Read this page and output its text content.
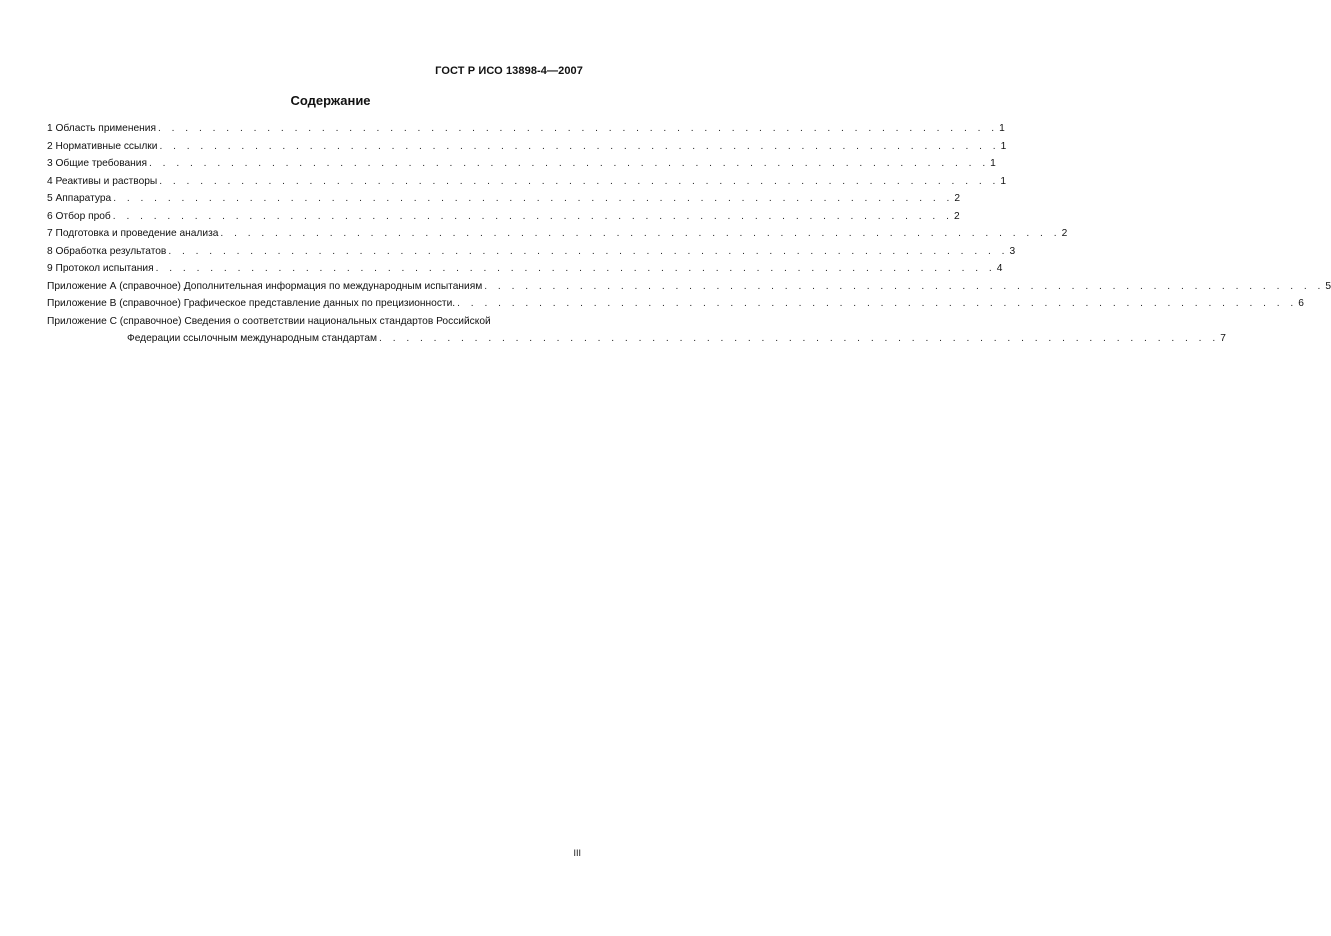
ГОСТ Р ИСО 13898-4—2007
Содержание
1 Область применения . . . . . . . . . . . . . . . . . . . . . . . . . . . . . . . . . . . . . . . . . . . . . . . . . . . . . . . . . . . . . . 1
2 Нормативные ссылки . . . . . . . . . . . . . . . . . . . . . . . . . . . . . . . . . . . . . . . . . . . . . . . . . . . . . . . . . . . . . . 1
3 Общие требования . . . . . . . . . . . . . . . . . . . . . . . . . . . . . . . . . . . . . . . . . . . . . . . . . . . . . . . . . . . . . . 1
4 Реактивы и растворы . . . . . . . . . . . . . . . . . . . . . . . . . . . . . . . . . . . . . . . . . . . . . . . . . . . . . . . . . . . . . . 1
5 Аппаратура . . . . . . . . . . . . . . . . . . . . . . . . . . . . . . . . . . . . . . . . . . . . . . . . . . . . . . . . . . . . . . 2
6 Отбор проб . . . . . . . . . . . . . . . . . . . . . . . . . . . . . . . . . . . . . . . . . . . . . . . . . . . . . . . . . . . . . . 2
7 Подготовка и проведение анализа . . . . . . . . . . . . . . . . . . . . . . . . . . . . . . . . . . . . . . . . . . . . . . . . . . . . . . . . . . . . . . 2
8 Обработка результатов . . . . . . . . . . . . . . . . . . . . . . . . . . . . . . . . . . . . . . . . . . . . . . . . . . . . . . . . . . . . . . 3
9 Протокол испытания . . . . . . . . . . . . . . . . . . . . . . . . . . . . . . . . . . . . . . . . . . . . . . . . . . . . . . . . . . . . . . 4
Приложение А (справочное) Дополнительная информация по международным испытаниям . . . . . . . . . . . . . . . . . . . . . . . . . . . . . . . . . . . . . . . . . . . . . . . . . . . . . . . . . . . . . . 5
Приложение В (справочное) Графическое представление данных по прецизионности. . . . . . . . . . . . . . . . . . . . . . . . . . . . . . . . . . . . . . . . . . . . . . . . . . . . . . . . . . . . . . . 6
Приложение С (справочное) Сведения о соответствии национальных стандартов Российской
Федерации ссылочным международным стандартам . . . . . . . . . . . . . . . . . . . . . . . . . . . . . . . . . . . . . . . . . . . . . . . . . . . . . . . . . . . . . . 7
III
